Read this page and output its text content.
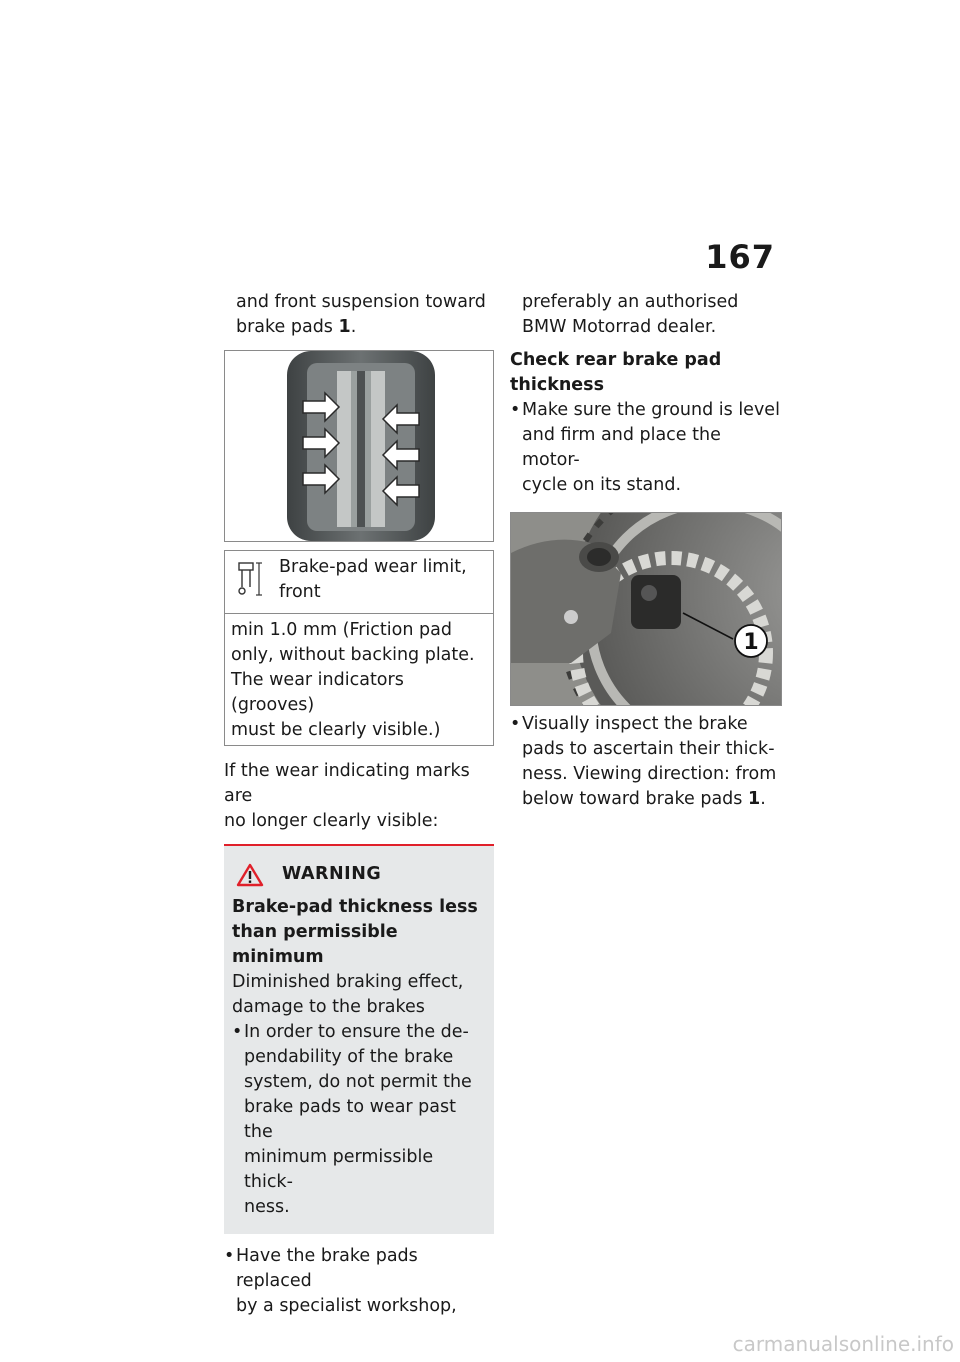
167

and front suspension toward

brake pads 1.

Brake-pad wear limit,

front

min 1.0 mm (Friction pad

only, without backing plate.

The wear indicators (grooves)

must be clearly visible.)

If the wear indicating marks are

no longer clearly visible:

WARNING

Brake-pad thickness less

than permissible minimum

Diminished braking effect,

damage to the brakes

• In order to ensure the de-

pendability of the brake

system, do not permit the

brake pads to wear past the

minimum permissible thick-

ness.

• Have the brake pads replaced

by a specialist workshop,

preferably an authorised

BMW Motorrad dealer.

Check rear brake pad

thickness

• Make sure the ground is level

and firm and place the motor-

cycle on its stand.

1
• Visually inspect the brake

pads to ascertain their thick-

ness. Viewing direction: from

below toward brake pads 1.

carmanualsonline.info
